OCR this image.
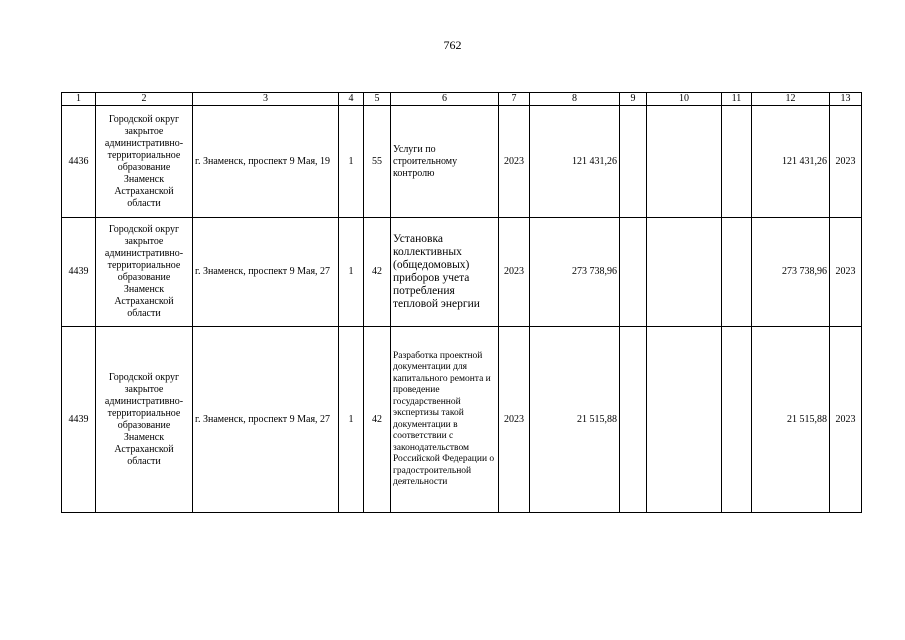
762
1	2	3	4	5	6	7	8	9	10	11	12	13
4436	Городской округ закрытое административно-территориальное образование Знаменск Астраханской области	г. Знаменск, проспект 9 Мая, 19	1	55	Услуги по строительному контролю	2023	121 431,26				121 431,26	2023
4439	Городской округ закрытое административно-территориальное образование Знаменск Астраханской области	г. Знаменск, проспект 9 Мая, 27	1	42	Установка коллективных (общедомовых) приборов учета потребления тепловой энергии	2023	273 738,96				273 738,96	2023
4439	Городской округ закрытое административно-территориальное образование Знаменск Астраханской области	г. Знаменск, проспект 9 Мая, 27	1	42	Разработка проектной документации для капитального ремонта и проведение государственной экспертизы такой документации в соответствии с законодательством Российской Федерации о градостроительной деятельности	2023	21 515,88				21 515,88	2023
